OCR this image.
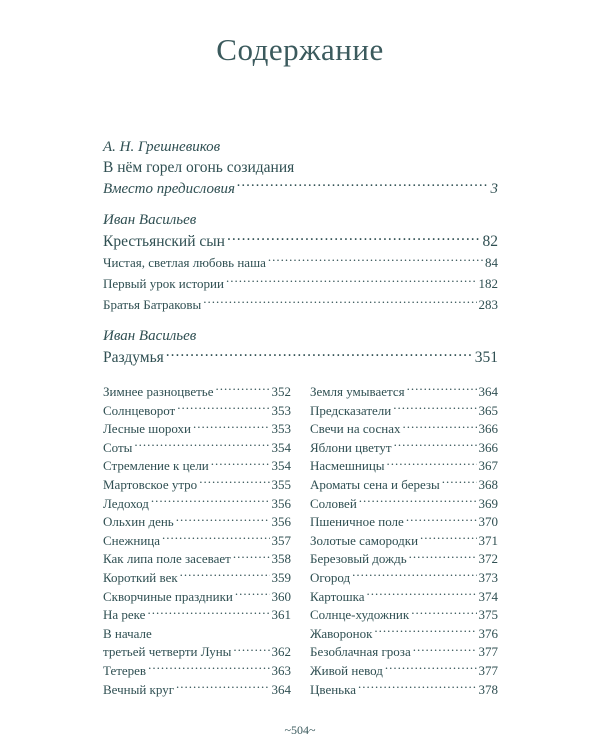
Содержание
А. Н. Грешневиков
В нём горел огонь созидания
Вместо предисловия .....	3
Иван Васильев
Крестьянский сын .....	82
Чистая, светлая любовь наша .....	84
Первый урок истории .....	182
Братья Батраковы .....	283
Иван Васильев
Раздумья .....	351
Зимнее разноцветье .....	352
Солнцеворот .....	353
Лесные шорохи .....	353
Соты .....	354
Стремление к цели .....	354
Мартовское утро .....	355
Ледоход .....	356
Ольхин день .....	356
Снежница .....	357
Как липа поле засевает .....	358
Короткий век .....	359
Скворчиные праздники .....	360
На реке .....	361
В начале
третьей четверти Луны .....	362
Тетерев .....	363
Вечный круг .....	364
Земля умывается .....	364
Предсказатели .....	365
Свечи на соснах .....	366
Яблони цветут .....	366
Насмешницы .....	367
Ароматы сена и березы .....	368
Соловей .....	369
Пшеничное поле .....	370
Золотые самородки .....	371
Березовый дождь .....	372
Огород .....	373
Картошка .....	374
Солнце-художник .....	375
Жаворонок .....	376
Безоблачная гроза .....	377
Живой невод .....	377
Цвенька .....	378
~504~
